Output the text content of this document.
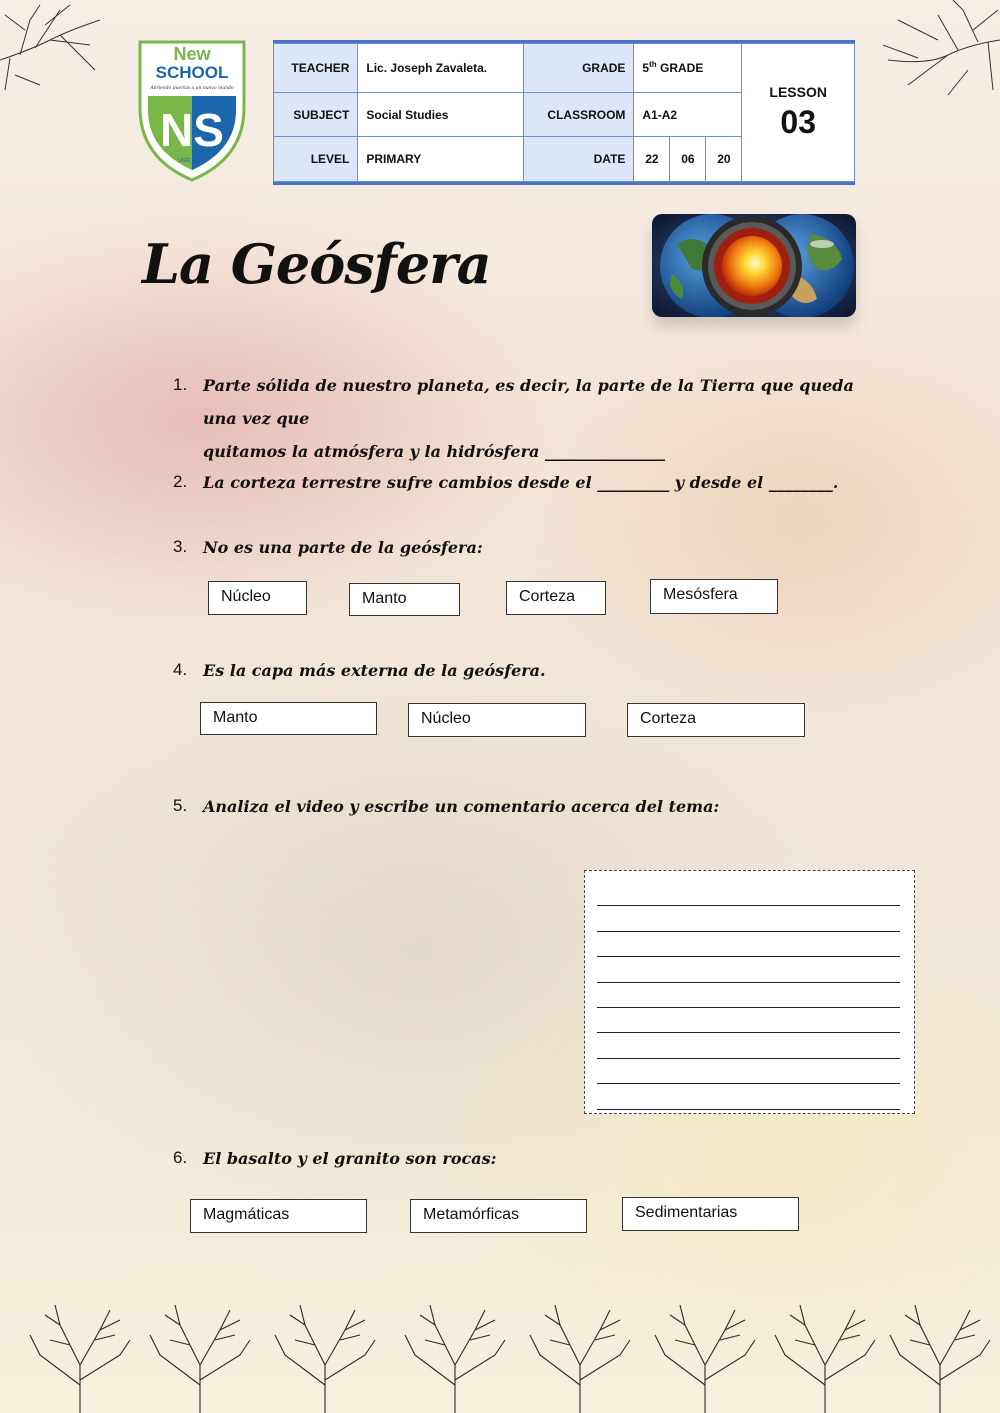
New
SCHOOL
Abriendo puertas a un nuevo mundo
NS
UGEL N° 08
TEACHER	Lic. Joseph Zavaleta.	GRADE	5th GRADE			LESSON
03

SUBJECT	Social Studies	CLASSROOM	A1-A2			
LEVEL	PRIMARY	DATE	22	06	20	
La Geósfera
1. Parte sólida de nuestro planeta, es decir, la parte de la Tierra que queda una vez que
quitamos la atmósfera y la hidrósfera _______________
2. La corteza terrestre sufre cambios desde el _________ y desde el ________.
3. No es una parte de la geósfera:
Núcleo	Manto	Corteza	Mesósfera
4. Es la capa más externa de la geósfera.
Manto	Núcleo	Corteza
5. Analiza el video y escribe un comentario acerca del tema:
6. El basalto y el granito son rocas:
Magmáticas	Metamórficas	Sedimentarias
